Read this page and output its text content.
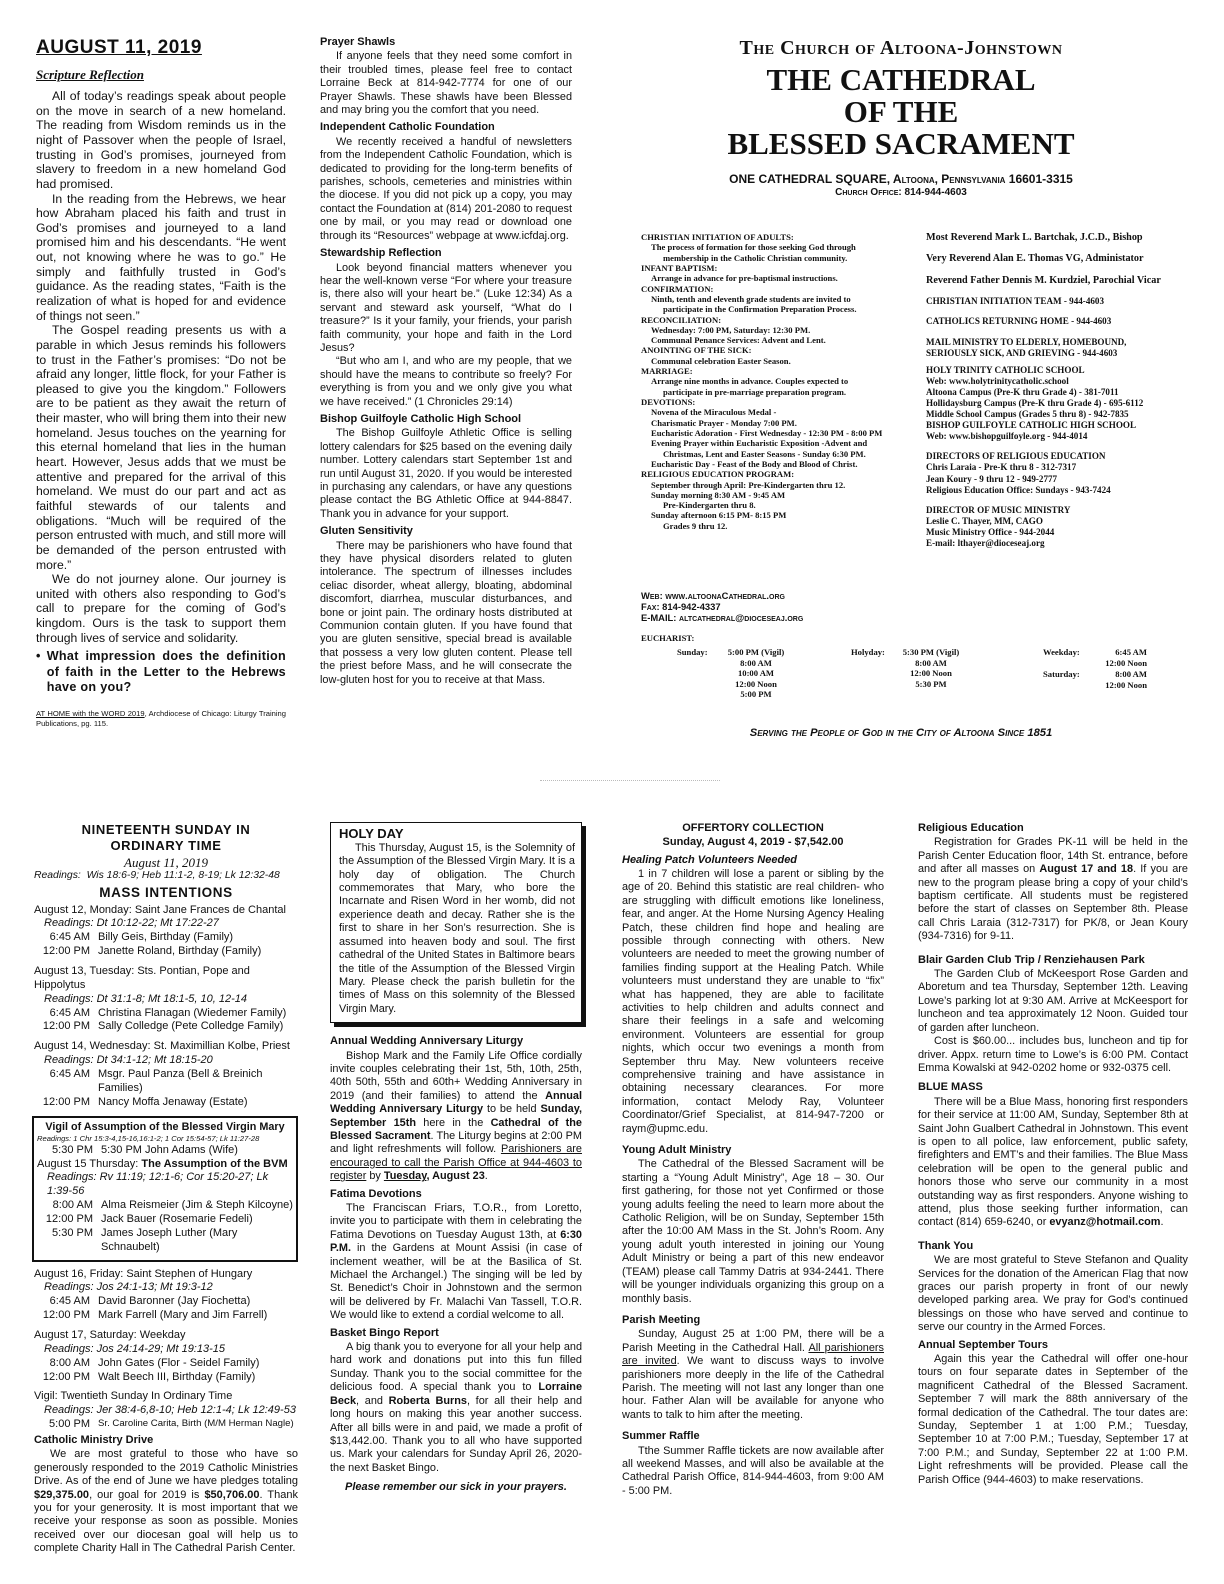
AUGUST 11, 2019
Scripture Reflection

All of today’s readings speak about people on the move in search of a new homeland. The reading from Wisdom reminds us in the night of Passover when the people of Israel, trusting in God’s promises, journeyed from slavery to freedom in a new homeland God had promised.

In the reading from the Hebrews, we hear how Abraham placed his faith and trust in God’s promises and journeyed to a land promised him and his descendants. “He went out, not knowing where he was to go.” He simply and faithfully trusted in God’s guidance. As the reading states, “Faith is the realization of what is hoped for and evidence of things not seen.”

The Gospel reading presents us with a parable in which Jesus reminds his followers to trust in the Father’s promises: “Do not be afraid any longer, little flock, for your Father is pleased to give you the kingdom.” Followers are to be patient as they await the return of their master, who will bring them into their new homeland. Jesus touches on the yearning for this eternal homeland that lies in the human heart. However, Jesus adds that we must be attentive and prepared for the arrival of this homeland. We must do our part and act as faithful stewards of our talents and obligations. “Much will be required of the person entrusted with much, and still more will be demanded of the person entrusted with more.”

We do not journey alone. Our journey is united with others also responding to God’s call to prepare for the coming of God’s kingdom. Ours is the task to support them through lives of service and solidarity.

• What impression does the definition of faith in the Letter to the Hebrews have on you?
AT HOME with the WORD 2019, Archdiocese of Chicago: Liturgy Training Publications, pg. 115.
Prayer Shawls

If anyone feels that they need some comfort in their troubled times, please feel free to contact Lorraine Beck at 814-942-7774 for one of our Prayer Shawls. These shawls have been Blessed and may bring you the comfort that you need.

Independent Catholic Foundation

We recently received a handful of newsletters from the Independent Catholic Foundation, which is dedicated to providing for the long-term benefits of parishes, schools, cemeteries and ministries within the diocese. If you did not pick up a copy, you may contact the Foundation at (814) 201-2080 to request one by mail, or you may read or download one through its “Resources” webpage at www.icfdaj.org.

Stewardship Reflection

Look beyond financial matters whenever you hear the well-known verse “For where your treasure is, there also will your heart be.” (Luke 12:34) As a servant and steward ask yourself, “What do I treasure?” Is it your family, your friends, your parish faith community, your hope and faith in the Lord Jesus?

“But who am I, and who are my people, that we should have the means to contribute so freely? For everything is from you and we only give you what we have received.” (1 Chronicles 29:14)

Bishop Guilfoyle Catholic High School

The Bishop Guilfoyle Athletic Office is selling lottery calendars for $25 based on the evening daily number. Lottery calendars start September 1st and run until August 31, 2020. If you would be interested in purchasing any calendars, or have any questions please contact the BG Athletic Office at 944-8847. Thank you in advance for your support.

Gluten Sensitivity

There may be parishioners who have found that they have physical disorders related to gluten intolerance. The spectrum of illnesses includes celiac disorder, wheat allergy, bloating, abdominal discomfort, diarrhea, muscular disturbances, and bone or joint pain. The ordinary hosts distributed at Communion contain gluten. If you have found that you are gluten sensitive, special bread is available that possess a very low gluten content. Please tell the priest before Mass, and he will consecrate the low-gluten host for you to receive at that Mass.

The Church of Altoona-Johnstown
THE CATHEDRAL
OF THE
BLESSED SACRAMENT
ONE CATHEDRAL SQUARE, Altoona, Pennsylvania 16601-3315
Church Office: 814-944-4603
CHRISTIAN INITIATION OF ADULTS:
The process of formation for those seeking God through
membership in the Catholic Christian community.
INFANT BAPTISM:
Arrange in advance for pre-baptismal instructions.
CONFIRMATION:
Ninth, tenth and eleventh grade students are invited to
participate in the Confirmation Preparation Process.
RECONCILIATION:
Wednesday: 7:00 PM, Saturday: 12:30 PM.
Communal Penance Services: Advent and Lent.
ANOINTING OF THE SICK:
Communal celebration Easter Season.
MARRIAGE:
Arrange nine months in advance. Couples expected to
participate in pre-marriage preparation program.
DEVOTIONS:
Novena of the Miraculous Medal -
Charismatic Prayer - Monday 7:00 PM.
Eucharistic Adoration - First Wednesday - 12:30 PM - 8:00 PM
Evening Prayer within Eucharistic Exposition -Advent and
Christmas, Lent and Easter Seasons - Sunday 6:30 PM.
Eucharistic Day - Feast of the Body and Blood of Christ.
RELIGIOUS EDUCATION PROGRAM:
September through April: Pre-Kindergarten thru 12.
Sunday morning 8:30 AM - 9:45 AM
Pre-Kindergarten thru 8.
Sunday afternoon 6:15 PM- 8:15 PM
Grades 9 thru 12.
Web: www.altoonaCathedral.org
Fax: 814-942-4337
E-MAIL: altcathedral@dioceseaj.org
Most Reverend Mark L. Bartchak, J.C.D., Bishop
Very Reverend Alan E. Thomas VG, Administator
Reverend Father Dennis M. Kurdziel, Parochial Vicar
CHRISTIAN INITIATION TEAM - 944-4603
CATHOLICS RETURNING HOME - 944-4603
MAIL MINISTRY TO ELDERLY, HOMEBOUND,
SERIOUSLY SICK, AND GRIEVING - 944-4603
HOLY TRINITY CATHOLIC SCHOOL
Web: www.holytrinitycatholic.school
Altoona Campus (Pre-K thru Grade 4) - 381-7011
Hollidaysburg Campus (Pre-K thru Grade 4) - 695-6112
Middle School Campus (Grades 5 thru 8) - 942-7835
BISHOP GUILFOYLE CATHOLIC HIGH SCHOOL
Web: www.bishopguilfoyle.org - 944-4014
DIRECTORS OF RELIGIOUS EDUCATION
Chris Laraia - Pre-K thru 8 - 312-7317
Jean Koury - 9 thru 12 - 949-2777
Religious Education Office: Sundays - 943-7424
DIRECTOR OF MUSIC MINISTRY
Leslie C. Thayer, MM, CAGO
Music Ministry Office - 944-2044
E-mail: lthayer@dioceseaj.org
EUCHARIST:
Sunday:	5:00 PM (Vigil)
8:00 AM
10:00 AM
12:00 Noon
5:00 PM
Holyday:	5:30 PM (Vigil)
8:00 AM
12:00 Noon
5:30 PM
Weekday:	6:45 AM
12:00 Noon
Saturday:	8:00 AM
12:00 Noon
Serving the People of God in the City of Altoona Since 1851
NINETEENTH SUNDAY IN
ORDINARY TIME
August 11, 2019
Readings: Wis 18:6-9; Heb 11:1-2, 8-19; Lk 12:32-48
MASS INTENTIONS
August 12, Monday: Saint Jane Frances de Chantal
Readings: Dt 10:12-22; Mt 17:22-27
6:45 AM Billy Geis, Birthday (Family)
12:00 PM Janette Roland, Birthday (Family)
August 13, Tuesday: Sts. Pontian, Pope and Hippolytus
Readings: Dt 31:1-8; Mt 18:1-5, 10, 12-14
6:45 AM Christina Flanagan (Wiedemer Family)
12:00 PM Sally Colledge (Pete Colledge Family)
August 14, Wednesday: St. Maximillian Kolbe, Priest
Readings: Dt 34:1-12; Mt 18:15-20
6:45 AM Msgr. Paul Panza (Bell & Breinich Families)
12:00 PM Nancy Moffa Jenaway (Estate)
Vigil of Assumption of the Blessed Virgin Mary
Readings: 1 Chr 15:3-4,15-16,16:1-2; 1 Cor 15:54-57; Lk 11:27-28
5:30 PM 5:30 PM John Adams (Wife)
August 15 Thursday: The Assumption of the BVM
Readings: Rv 11:19; 12:1-6; Cor 15:20-27; Lk 1:39-56
8:00 AM Alma Reismeier (Jim & Steph Kilcoyne)
12:00 PM Jack Bauer (Rosemarie Fedeli)
5:30 PM James Joseph Luther (Mary Schnaubelt)
August 16, Friday: Saint Stephen of Hungary
Readings: Jos 24:1-13; Mt 19:3-12
6:45 AM David Baronner (Jay Fiochetta)
12:00 PM Mark Farrell (Mary and Jim Farrell)
August 17, Saturday: Weekday
Readings: Jos 24:14-29; Mt 19:13-15
8:00 AM John Gates (Flor - Seidel Family)
12:00 PM Walt Beech III, Birthday (Family)
Vigil: Twentieth Sunday In Ordinary Time
Readings: Jer 38:4-6,8-10; Heb 12:1-4; Lk 12:49-53
5:00 PM Sr. Caroline Carita, Birth (M/M Herman Nagle)
Catholic Ministry Drive

We are most grateful to those who have so generously responded to the 2019 Catholic Ministries Drive. As of the end of June we have pledges totaling $29,375.00, our goal for 2019 is $50,706.00. Thank you for your generosity. It is most important that we receive your response as soon as possible. Monies received over our diocesan goal will help us to complete Charity Hall in The Cathedral Parish Center.

HOLY DAY

This Thursday, August 15, is the Solemnity of the Assumption of the Blessed Virgin Mary. It is a holy day of obligation. The Church commemorates that Mary, who bore the Incarnate and Risen Word in her womb, did not experience death and decay. Rather she is the first to share in her Son’s resurrection. She is assumed into heaven body and soul. The first cathedral of the United States in Baltimore bears the title of the Assumption of the Blessed Virgin Mary. Please check the parish bulletin for the times of Mass on this solemnity of the Blessed Virgin Mary.

Annual Wedding Anniversary Liturgy

Bishop Mark and the Family Life Office cordially invite couples celebrating their 1st, 5th, 10th, 25th, 40th 50th, 55th and 60th+ Wedding Anniversary in 2019 (and their families) to attend the Annual Wedding Anniversary Liturgy to be held Sunday, September 15th here in the Cathedral of the Blessed Sacrament. The Liturgy begins at 2:00 PM and light refreshments will follow. Parishioners are encouraged to call the Parish Office at 944-4603 to register by Tuesday, August 23.

Fatima Devotions

The Franciscan Friars, T.O.R., from Loretto, invite you to participate with them in celebrating the Fatima Devotions on Tuesday August 13th, at 6:30 P.M. in the Gardens at Mount Assisi (in case of inclement weather, will be at the Basilica of St. Michael the Archangel.) The singing will be led by St. Benedict’s Choir in Johnstown and the sermon will be delivered by Fr. Malachi Van Tassell, T.O.R. We would like to extend a cordial welcome to all.

Basket Bingo Report

A big thank you to everyone for all your help and hard work and donations put into this fun filled Sunday. Thank you to the social committee for the delicious food. A special thank you to Lorraine Beck, and Roberta Burns, for all their help and long hours on making this year another success. After all bills were in and paid, we made a profit of $13,442.00. Thank you to all who have supported us. Mark your calendars for Sunday April 26, 2020- the next Basket Bingo.

Please remember our sick in your prayers.
OFFERTORY COLLECTION
Sunday, August 4, 2019 - $7,542.00
Healing Patch Volunteers Needed

1 in 7 children will lose a parent or sibling by the age of 20. Behind this statistic are real children- who are struggling with difficult emotions like loneliness, fear, and anger. At the Home Nursing Agency Healing Patch, these children find hope and healing are possible through connecting with others. New volunteers are needed to meet the growing number of families finding support at the Healing Patch. While volunteers must understand they are unable to “fix” what has happened, they are able to facilitate activities to help children and adults connect and share their feelings in a safe and welcoming environment. Volunteers are essential for group nights, which occur two evenings a month from September thru May. New volunteers receive comprehensive training and have assistance in obtaining necessary clearances. For more information, contact Melody Ray, Volunteer Coordinator/Grief Specialist, at 814-947-7200 or raym@upmc.edu.

Young Adult Ministry

The Cathedral of the Blessed Sacrament will be starting a “Young Adult Ministry”, Age 18 – 30. Our first gathering, for those not yet Confirmed or those young adults feeling the need to learn more about the Catholic Religion, will be on Sunday, September 15th after the 10:00 AM Mass in the St. John’s Room. Any young adult youth interested in joining our Young Adult Ministry or being a part of this new endeavor (TEAM) please call Tammy Datris at 934-2441. There will be younger individuals organizing this group on a monthly basis.

Parish Meeting

Sunday, August 25 at 1:00 PM, there will be a Parish Meeting in the Cathedral Hall. All parishioners are invited. We want to discuss ways to involve parishioners more deeply in the life of the Cathedral Parish. The meeting will not last any longer than one hour. Father Alan will be available for anyone who wants to talk to him after the meeting.

Summer Raffle

Tthe Summer Raffle tickets are now available after all weekend Masses, and will also be available at the Cathedral Parish Office, 814-944-4603, from 9:00 AM - 5:00 PM.

Religious Education

Registration for Grades PK-11 will be held in the Parish Center Education floor, 14th St. entrance, before and after all masses on August 17 and 18. If you are new to the program please bring a copy of your child’s baptism certificate. All students must be registered before the start of classes on September 8th. Please call Chris Laraia (312-7317) for PK/8, or Jean Koury (934-7316) for 9-11.

Blair Garden Club Trip / Renziehausen Park

The Garden Club of McKeesport Rose Garden and Aboretum and tea Thursday, September 12th. Leaving Lowe’s parking lot at 9:30 AM. Arrive at McKeesport for luncheon and tea approximately 12 Noon. Guided tour of garden after luncheon.

Cost is $60.00... includes bus, luncheon and tip for driver. Appx. return time to Lowe’s is 6:00 PM. Contact Emma Kowalski at 942-0202 home or 932-0375 cell.

BLUE MASS

There will be a Blue Mass, honoring first responders for their service at 11:00 AM, Sunday, September 8th at Saint John Gualbert Cathedral in Johnstown. This event is open to all police, law enforcement, public safety, firefighters and EMT’s and their families. The Blue Mass celebration will be open to the general public and honors those who serve our community in a most outstanding way as first responders. Anyone wishing to attend, plus those seeking further information, can contact (814) 659-6240, or evyanz@hotmail.com.

Thank You

We are most grateful to Steve Stefanon and Quality Services for the donation of the American Flag that now graces our parish property in front of our newly developed parking area. We pray for God’s continued blessings on those who have served and continue to serve our country in the Armed Forces.

Annual September Tours

Again this year the Cathedral will offer one-hour tours on four separate dates in September of the magnificent Cathedral of the Blessed Sacrament. September 7 will mark the 88th anniversary of the formal dedication of the Cathedral. The tour dates are: Sunday, September 1 at 1:00 P.M.; Tuesday, September 10 at 7:00 P.M.; Tuesday, September 17 at 7:00 P.M.; and Sunday, September 22 at 1:00 P.M. Light refreshments will be provided. Please call the Parish Office (944-4603) to make reservations.
